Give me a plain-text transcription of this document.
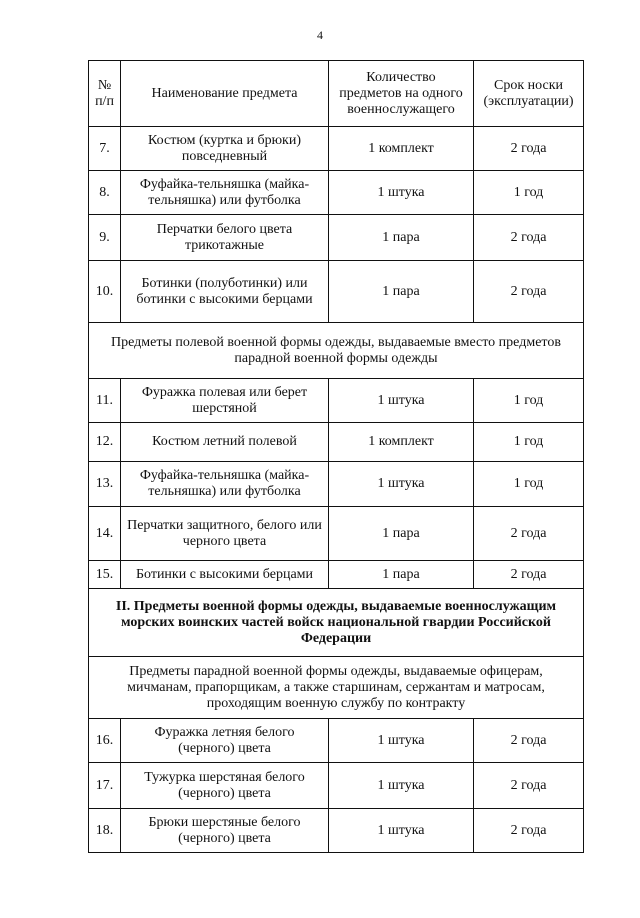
4
№ п/п	Наименование предмета	Количество предметов на одного военнослужащего	Срок носки (эксплуатации)
7.	Костюм (куртка и брюки) повседневный	1 комплект	2 года
8.	Фуфайка-тельняшка (майка-тельняшка) или футболка	1 штука	1 год
9.	Перчатки белого цвета трикотажные	1 пара	2 года
10.	Ботинки (полуботинки) или ботинки с высокими берцами	1 пара	2 года
Предметы полевой военной формы одежды, выдаваемые вместо предметов парадной военной формы одежды			
11.	Фуражка полевая или берет шерстяной	1 штука	1 год
12.	Костюм летний полевой	1 комплект	1 год
13.	Фуфайка-тельняшка (майка-тельняшка) или футболка	1 штука	1 год
14.	Перчатки защитного, белого или черного цвета	1 пара	2 года
15.	Ботинки с высокими берцами	1 пара	2 года
II. Предметы военной формы одежды, выдаваемые военнослужащим морских воинских частей войск национальной гвардии Российской Федерации			
Предметы парадной военной формы одежды, выдаваемые офицерам, мичманам, прапорщикам, а также старшинам, сержантам и матросам, проходящим военную службу по контракту			
16.	Фуражка летняя белого (черного) цвета	1 штука	2 года
17.	Тужурка шерстяная белого (черного) цвета	1 штука	2 года
18.	Брюки шерстяные белого (черного) цвета	1 штука	2 года
